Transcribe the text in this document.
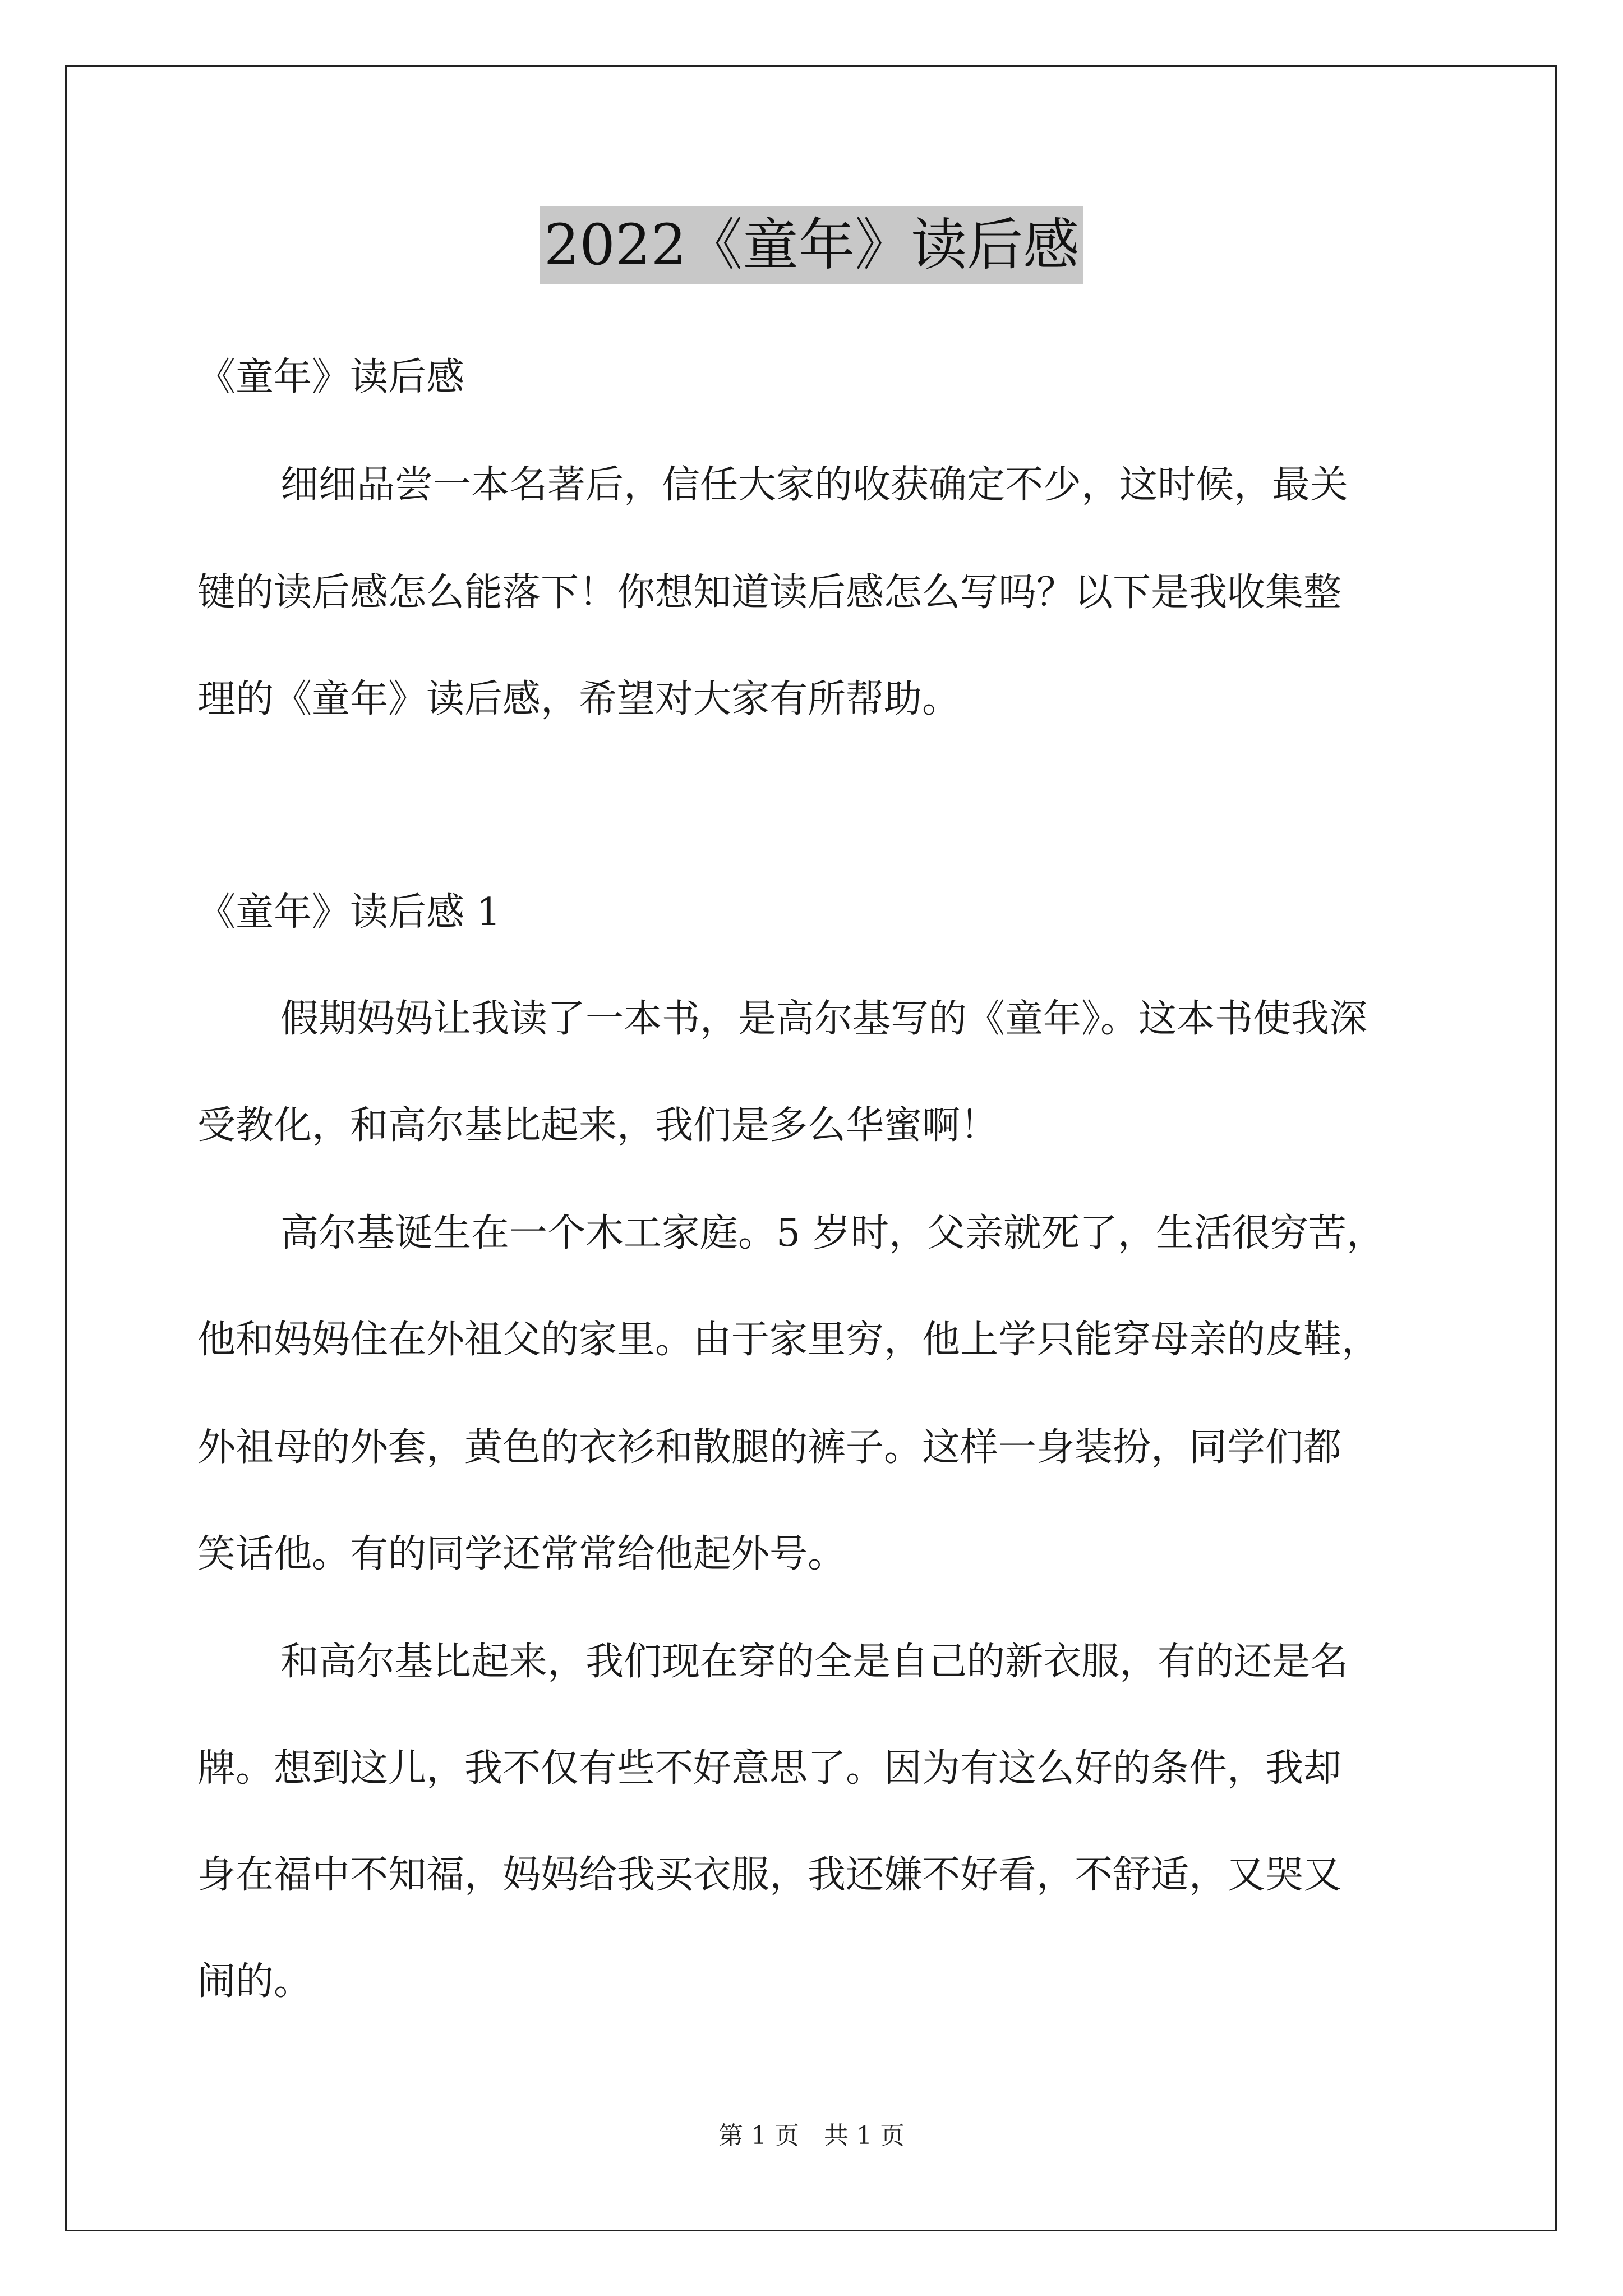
2022《童年》读后感
《童年》读后感
细细品尝一本名著后，信任大家的收获确定不少，这时候，最关
键的读后感怎么能落下！你想知道读后感怎么写吗？以下是我收集整
理的《童年》读后感，希望对大家有所帮助。
《童年》读后感 1
假期妈妈让我读了一本书，是高尔基写的《童年》。这本书使我深
受教化，和高尔基比起来，我们是多么华蜜啊！
高尔基诞生在一个木工家庭。5 岁时，父亲就死了，生活很穷苦，
他和妈妈住在外祖父的家里。由于家里穷，他上学只能穿母亲的皮鞋，
外祖母的外套，黄色的衣衫和散腿的裤子。这样一身装扮，同学们都
笑话他。有的同学还常常给他起外号。
和高尔基比起来，我们现在穿的全是自己的新衣服，有的还是名
牌。想到这儿，我不仅有些不好意思了。因为有这么好的条件，我却
身在福中不知福，妈妈给我买衣服，我还嫌不好看，不舒适，又哭又
闹的。
第 1 页　共 1 页
